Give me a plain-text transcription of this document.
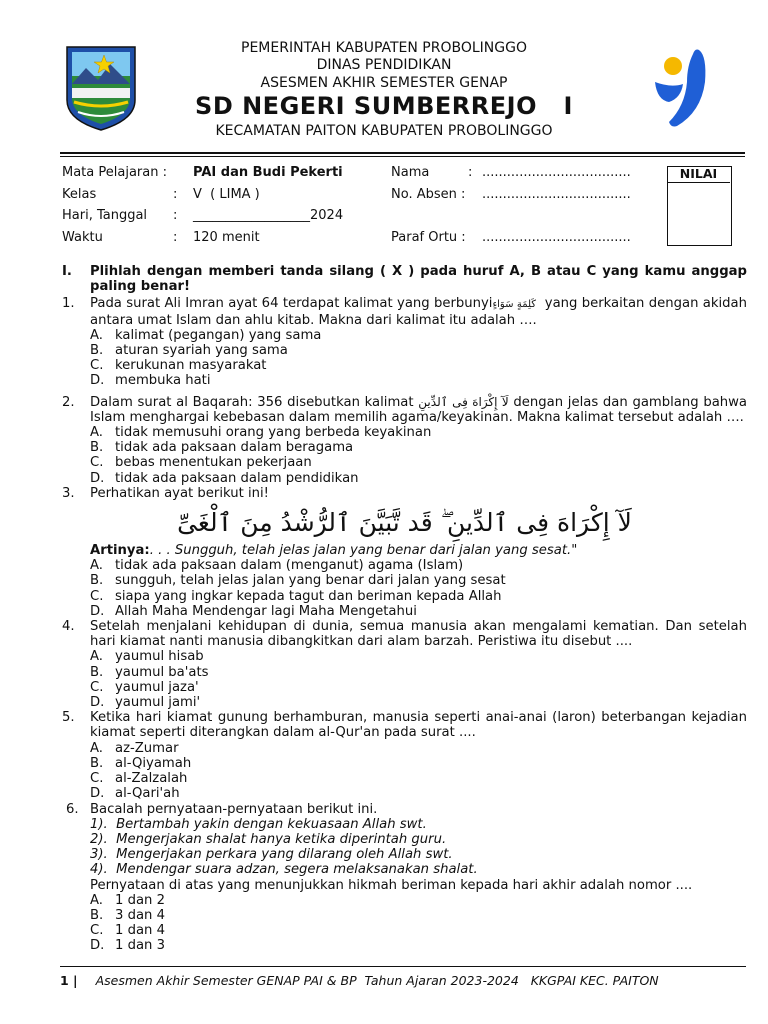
PEMERINTAH KABUPATEN PROBOLINGGO
DINAS PENDIDIKAN
ASESMEN AKHIR SEMESTER GENAP
SD NEGERI SUMBERREJO   I
KECAMATAN PAITON KABUPATEN PROBOLINGGO
Mata Pelajaran : PAI dan Budi Pekerti
Kelas	: V  ( LIMA )
Hari, Tanggal : __________________2024
Waktu	: 120 menit
Nama	: ....................................
No. Absen : ....................................
Paraf Ortu : ....................................
NILAI
I.	Plihlah dengan memberi tanda silang ( X ) pada huruf A, B atau C yang kamu anggap paling benar!
1.	Pada surat Ali Imran ayat 64 terdapat kalimat yang berbunyiكَلِمَةٍ سَوَاءٍ  yang berkaitan dengan akidah antara umat Islam dan ahlu kitab. Makna dari kalimat itu adalah ….
A. kalimat (pegangan) yang sama
B. aturan syariah yang sama
C. kerukunan masyarakat
D. membuka hati
2.	Dalam surat al Baqarah: 356 disebutkan kalimat لَآ إِكْرَاهَ فِى ٱلدِّينِ dengan jelas dan gamblang bahwa Islam menghargai kebebasan dalam memilih agama/keyakinan. Makna kalimat tersebut adalah ….
A. tidak memusuhi orang yang berbeda keyakinan
B. tidak ada paksaan dalam beragama
C. bebas menentukan pekerjaan
D. tidak ada paksaan dalam pendidikan
3.	Perhatikan ayat berikut ini!
لَآ إِكْرَاهَ فِى ٱلدِّينِ ۖ قَد تَّبَيَّنَ ٱلرُّشْدُ مِنَ ٱلْغَىِّ
Artinya:. . . Sungguh, telah jelas jalan yang benar dari jalan yang sesat."
A. tidak ada paksaan dalam (menganut) agama (Islam)
B. sungguh, telah jelas jalan yang benar dari jalan yang sesat
C. siapa yang ingkar kepada tagut dan beriman kepada Allah
D. Allah Maha Mendengar lagi Maha Mengetahui
4.	Setelah menjalani kehidupan di dunia, semua manusia akan mengalami kematian. Dan setelah hari kiamat nanti manusia dibangkitkan dari alam barzah. Peristiwa itu disebut ....
A. yaumul hisab
B. yaumul ba'ats
C. yaumul jaza'
D. yaumul jami'
5.	Ketika hari kiamat gunung berhamburan, manusia seperti anai-anai (laron) beterbangan kejadian kiamat seperti diterangkan dalam al-Qur'an pada surat ....
A. az-Zumar
B. al-Qiyamah
C. al-Zalzalah
D. al-Qari'ah
6. Bacalah pernyataan-pernyataan berikut ini.
1).  Bertambah yakin dengan kekuasaan Allah swt.
2).  Mengerjakan shalat hanya ketika diperintah guru.
3).  Mengerjakan perkara yang dilarang oleh Allah swt.
4).  Mendengar suara adzan, segera melaksanakan shalat.
Pernyataan di atas yang menunjukkan hikmah beriman kepada hari akhir adalah nomor ....
A. 1 dan 2
B. 3 dan 4
C. 1 dan 4
D. 1 dan 3
1 | Asesmen Akhir Semester GENAP PAI & BP  Tahun Ajaran 2023-2024   KKGPAI KEC. PAITON
